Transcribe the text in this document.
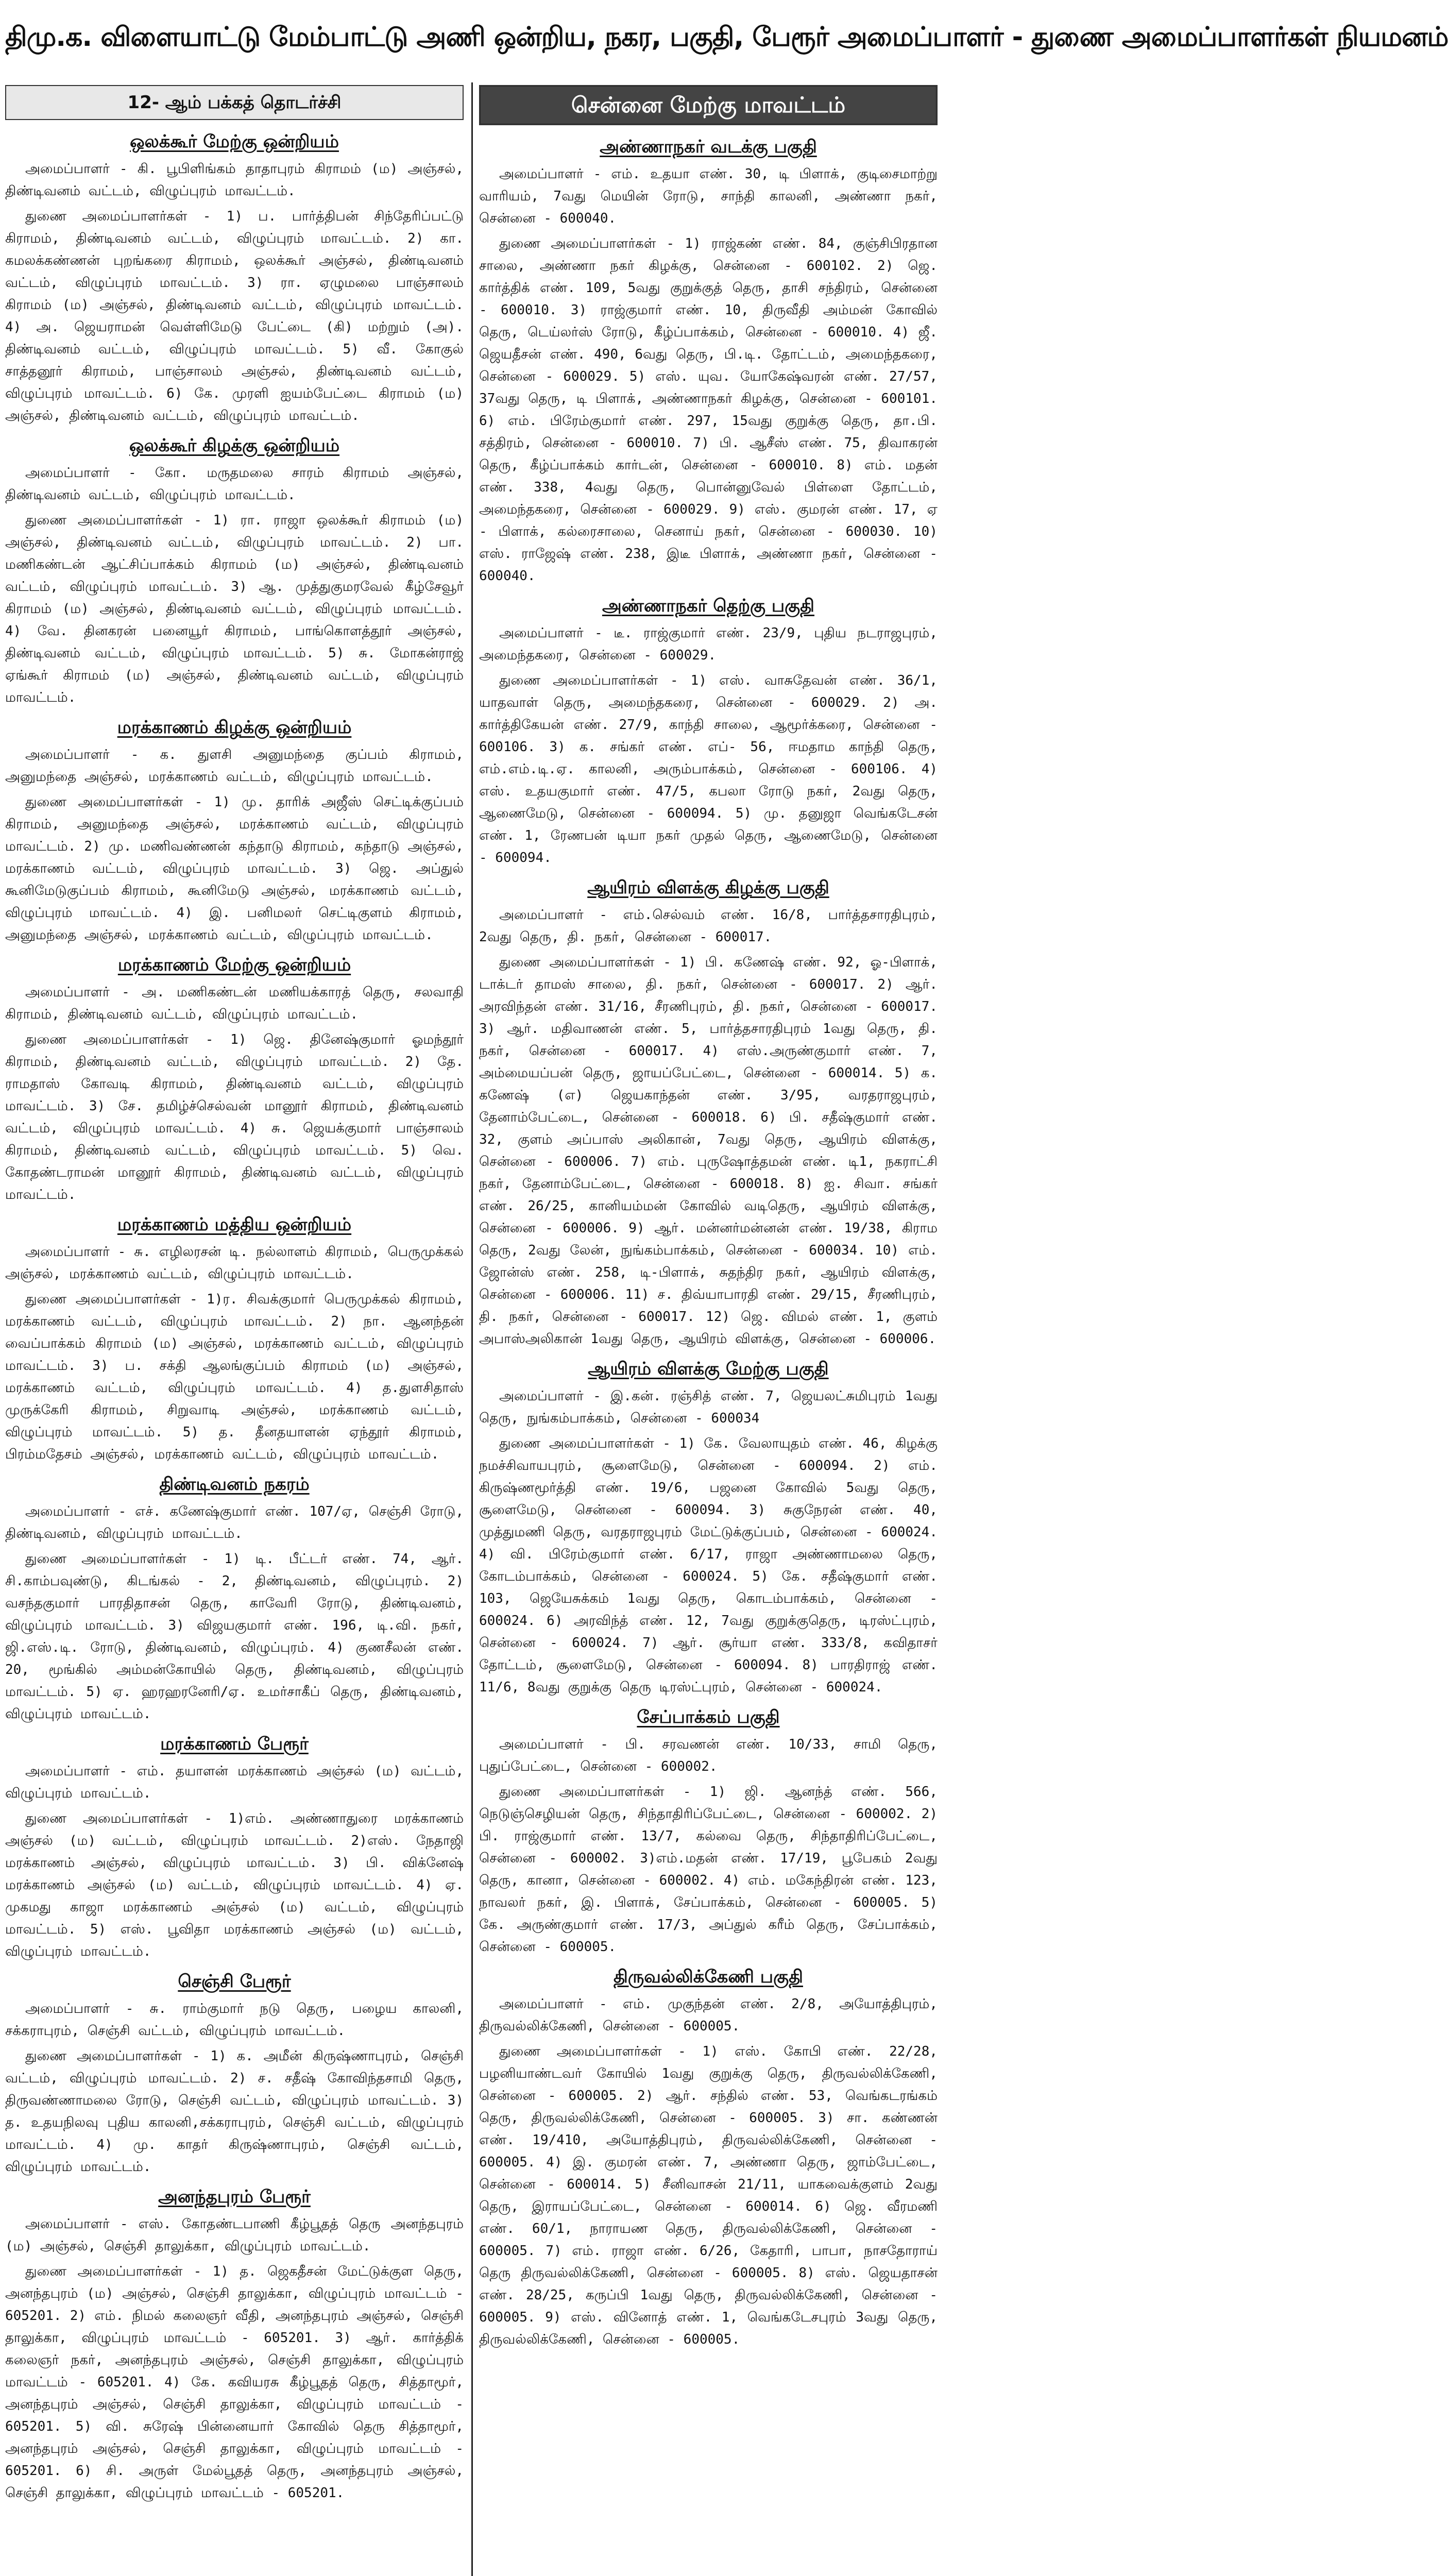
திமு.க. விளையாட்டு மேம்பாட்டு அணி ஒன்றிய, நகர, பகுதி, பேரூர் அமைப்பாளர் - துணை அமைப்பாளர்கள் நியமனம்
12- ஆம் பக்கத் தொடர்ச்சி
ஒலக்கூர் மேற்கு ஒன்றியம்

அமைப்பாளர் - கி. பூபிளிங்கம் தாதாபுரம் கிராமம் (ம) அஞ்சல், திண்டிவனம் வட்டம், விழுப்புரம் மாவட்டம்.

துணை அமைப்பாளர்கள் - 1) ப. பார்த்திபன் சிந்தேரிப்பட்டு கிராமம், திண்டிவனம் வட்டம், விழுப்புரம் மாவட்டம். 2) கா. கமலக்கண்ணன் புறங்கரை கிராமம், ஒலக்கூர் அஞ்சல், திண்டிவனம் வட்டம், விழுப்புரம் மாவட்டம். 3) ரா. ஏழுமலை பாஞ்சாலம் கிராமம் (ம) அஞ்சல், திண்டிவனம் வட்டம், விழுப்புரம் மாவட்டம். 4) அ. ஜெயராமன் வெள்ளிமேடு பேட்டை (கி) மற்றும் (அ). திண்டிவனம் வட்டம், விழுப்புரம் மாவட்டம். 5) வீ. கோகுல் சாத்தனூர் கிராமம், பாஞ்சாலம் அஞ்சல், திண்டிவனம் வட்டம், விழுப்புரம் மாவட்டம். 6) கே. முரளி ஐயம்பேட்டை கிராமம் (ம) அஞ்சல், திண்டிவனம் வட்டம், விழுப்புரம் மாவட்டம்.

ஒலக்கூர் கிழக்கு ஒன்றியம்

அமைப்பாளர் - கோ. மருதமலை சாரம் கிராமம் அஞ்சல், திண்டிவனம் வட்டம், விழுப்புரம் மாவட்டம்.

துணை அமைப்பாளர்கள் - 1) ரா. ராஜா ஒலக்கூர் கிராமம் (ம) அஞ்சல், திண்டிவனம் வட்டம், விழுப்புரம் மாவட்டம். 2) பா. மணிகண்டன் ஆட்சிப்பாக்கம் கிராமம் (ம) அஞ்சல், திண்டிவனம் வட்டம், விழுப்புரம் மாவட்டம். 3) ஆ. முத்துகுமரவேல் கீழ்சேவூர் கிராமம் (ம) அஞ்சல், திண்டிவனம் வட்டம், விழுப்புரம் மாவட்டம். 4) வே. தினகரன் பனையூர் கிராமம், பாங்கொளத்தூர் அஞ்சல், திண்டிவனம் வட்டம், விழுப்புரம் மாவட்டம். 5) சு. மோகன்ராஜ் ஏங்கூர் கிராமம் (ம) அஞ்சல், திண்டிவனம் வட்டம், விழுப்புரம் மாவட்டம்.

மரக்காணம் கிழக்கு ஒன்றியம்

அமைப்பாளர் - க. துளசி அனுமந்தை குப்பம் கிராமம், அனுமந்தை அஞ்சல், மரக்காணம் வட்டம், விழுப்புரம் மாவட்டம்.

துணை அமைப்பாளர்கள் - 1) மு. தாரிக் அஜீஸ் செட்டிக்குப்பம் கிராமம், அனுமந்தை அஞ்சல், மரக்காணம் வட்டம், விழுப்புரம் மாவட்டம். 2) மு. மணிவண்ணன் கந்தாடு கிராமம், கந்தாடு அஞ்சல், மரக்காணம் வட்டம், விழுப்புரம் மாவட்டம். 3) ஜெ. அப்துல் கூனிமேடுகுப்பம் கிராமம், கூனிமேடு அஞ்சல், மரக்காணம் வட்டம், விழுப்புரம் மாவட்டம். 4) இ. பனிமலர் செட்டிகுளம் கிராமம், அனுமந்தை அஞ்சல், மரக்காணம் வட்டம், விழுப்புரம் மாவட்டம்.

மரக்காணம் மேற்கு ஒன்றியம்

அமைப்பாளர் - அ. மணிகண்டன் மணியக்காரத் தெரு, சலவாதி கிராமம், திண்டிவனம் வட்டம், விழுப்புரம் மாவட்டம்.

துணை அமைப்பாளர்கள் - 1) ஜெ. தினேஷ்குமார் ஓமந்தூர் கிராமம், திண்டிவனம் வட்டம், விழுப்புரம் மாவட்டம். 2) தே. ராமதாஸ் கோவடி கிராமம், திண்டிவனம் வட்டம், விழுப்புரம் மாவட்டம். 3) சே. தமிழ்ச்செல்வன் மானூர் கிராமம், திண்டிவனம் வட்டம், விழுப்புரம் மாவட்டம். 4) சு. ஜெயக்குமார் பாஞ்சாலம் கிராமம், திண்டிவனம் வட்டம், விழுப்புரம் மாவட்டம். 5) வெ. கோதண்டராமன் மானூர் கிராமம், திண்டிவனம் வட்டம், விழுப்புரம் மாவட்டம்.

மரக்காணம் மத்திய ஒன்றியம்

அமைப்பாளர் - சு. எழிலரசன் டி. நல்லாளம் கிராமம், பெருமுக்கல் அஞ்சல், மரக்காணம் வட்டம், விழுப்புரம் மாவட்டம்.

துணை அமைப்பாளர்கள் - 1)ர. சிவக்குமார் பெருமுக்கல் கிராமம், மரக்காணம் வட்டம், விழுப்புரம் மாவட்டம். 2) நா. ஆனந்தன் வைப்பாக்கம் கிராமம் (ம) அஞ்சல், மரக்காணம் வட்டம், விழுப்புரம் மாவட்டம். 3) ப. சக்தி ஆலங்குப்பம் கிராமம் (ம) அஞ்சல், மரக்காணம் வட்டம், விழுப்புரம் மாவட்டம். 4) த.துளசிதாஸ் முருக்கேரி கிராமம், சிறுவாடி அஞ்சல், மரக்காணம் வட்டம், விழுப்புரம் மாவட்டம். 5) த. தீனதயாளன் ஏந்தூர் கிராமம், பிரம்மதேசம் அஞ்சல், மரக்காணம் வட்டம், விழுப்புரம் மாவட்டம்.

திண்டிவனம் நகரம்

அமைப்பாளர் - எச். கணேஷ்குமார் எண். 107/ஏ, செஞ்சி ரோடு, திண்டிவனம், விழுப்புரம் மாவட்டம்.

துணை அமைப்பாளர்கள் - 1) டி. பீட்டர் எண். 74, ஆர். சி.காம்பவுண்டு, கிடங்கல் - 2, திண்டிவனம், விழுப்புரம். 2) வசந்தகுமார் பாரதிதாசன் தெரு, காவேரி ரோடு, திண்டிவனம், விழுப்புரம் மாவட்டம். 3) விஜயகுமார் எண். 196, டி.வி. நகர், ஜி.எஸ்.டி. ரோடு, திண்டிவனம், விழுப்புரம். 4) குணசீலன் எண். 20, மூங்கில் அம்மன்கோயில் தெரு, திண்டிவனம், விழுப்புரம் மாவட்டம். 5) ஏ. ஹரஹரனேரி/ஏ. உமர்சாகீப் தெரு, திண்டிவனம், விழுப்புரம் மாவட்டம்.

மரக்காணம் பேரூர்

அமைப்பாளர் - எம். தயாளன் மரக்காணம் அஞ்சல் (ம) வட்டம், விழுப்புரம் மாவட்டம்.

துணை அமைப்பாளர்கள் - 1)எம். அண்ணாதுரை மரக்காணம் அஞ்சல் (ம) வட்டம், விழுப்புரம் மாவட்டம். 2)எஸ். நேதாஜி மரக்காணம் அஞ்சல், விழுப்புரம் மாவட்டம். 3) பி. விக்னேஷ் மரக்காணம் அஞ்சல் (ம) வட்டம், விழுப்புரம் மாவட்டம். 4) ஏ. முகமது காஜா மரக்காணம் அஞ்சல் (ம) வட்டம், விழுப்புரம் மாவட்டம். 5) எஸ். பூவிதா மரக்காணம் அஞ்சல் (ம) வட்டம், விழுப்புரம் மாவட்டம்.

செஞ்சி பேரூர்

அமைப்பாளர் - சு. ராம்குமார் நடு தெரு, பழைய காலனி, சக்கராபுரம், செஞ்சி வட்டம், விழுப்புரம் மாவட்டம்.

துணை அமைப்பாளர்கள் - 1) க. அமீன் கிருஷ்ணாபுரம், செஞ்சி வட்டம், விழுப்புரம் மாவட்டம். 2) ச. சதீஷ் கோவிந்தசாமி தெரு, திருவண்ணாமலை ரோடு, செஞ்சி வட்டம், விழுப்புரம் மாவட்டம். 3) த. உதயநிலவு புதிய காலனி,சக்கராபுரம், செஞ்சி வட்டம், விழுப்புரம் மாவட்டம். 4) மு. காதர் கிருஷ்ணாபுரம், செஞ்சி வட்டம், விழுப்புரம் மாவட்டம்.

அனந்தபுரம் பேரூர்

அமைப்பாளர் - எஸ். கோதண்டபாணி கீழ்பூதத் தெரு அனந்தபுரம் (ம) அஞ்சல், செஞ்சி தாலுக்கா, விழுப்புரம் மாவட்டம்.

துணை அமைப்பாளர்கள் - 1) த. ஜெகதீசன் மேட்டுக்குள தெரு, அனந்தபுரம் (ம) அஞ்சல், செஞ்சி தாலுக்கா, விழுப்புரம் மாவட்டம் - 605201. 2) எம். நிமல் கலைஞர் வீதி, அனந்தபுரம் அஞ்சல், செஞ்சி தாலுக்கா, விழுப்புரம் மாவட்டம் - 605201. 3) ஆர். கார்த்திக் கலைஞர் நகர், அனந்தபுரம் அஞ்சல், செஞ்சி தாலுக்கா, விழுப்புரம் மாவட்டம் - 605201. 4) கே. கவியரசு கீழ்பூதத் தெரு, சித்தாமூர், அனந்தபுரம் அஞ்சல், செஞ்சி தாலுக்கா, விழுப்புரம் மாவட்டம் - 605201. 5) வி. சுரேஷ் பின்னையார் கோவில் தெரு சித்தாமூர், அனந்தபுரம் அஞ்சல், செஞ்சி தாலுக்கா, விழுப்புரம் மாவட்டம் - 605201. 6) சி. அருள் மேல்பூதத் தெரு, அனந்தபுரம் அஞ்சல், செஞ்சி தாலுக்கா, விழுப்புரம் மாவட்டம் - 605201.

சென்னை மேற்கு மாவட்டம்
அண்ணாநகர் வடக்கு பகுதி

அமைப்பாளர் - எம். உதயா எண். 30, டி பிளாக், குடிசைமாற்று வாரியம், 7வது மெயின் ரோடு, சாந்தி காலனி, அண்ணா நகர், சென்னை - 600040.

துணை அமைப்பாளர்கள் - 1) ராஜ்கண் எண். 84, குஞ்சிபிரதான சாலை, அண்ணா நகர் கிழக்கு, சென்னை - 600102. 2) ஜெ. கார்த்திக் எண். 109, 5வது குறுக்குத் தெரு, தாசி சந்திரம், சென்னை - 600010. 3) ராஜ்குமார் எண். 10, திருவீதி அம்மன் கோவில் தெரு, டெய்லர்ஸ் ரோடு, கீழ்ப்பாக்கம், சென்னை - 600010. 4) ஜீ. ஜெயதீசன் எண். 490, 6வது தெரு, பி.டி. தோட்டம், அமைந்தகரை, சென்னை - 600029. 5) எஸ். யுவ. யோகேஷ்வரன் எண். 27/57, 37வது தெரு, டி பிளாக், அண்ணாநகர் கிழக்கு, சென்னை - 600101. 6) எம். பிரேம்குமார் எண். 297, 15வது குறுக்கு தெரு, தா.பி. சத்திரம், சென்னை - 600010. 7) பி. ஆசீஸ் எண். 75, திவாகரன் தெரு, கீழ்ப்பாக்கம் கார்டன், சென்னை - 600010. 8) எம். மதன் எண். 338, 4வது தெரு, பொன்னுவேல் பிள்ளை தோட்டம், அமைந்தகரை, சென்னை - 600029. 9) எஸ். குமரன் எண். 17, ஏ - பிளாக், கல்ரைசாலை, செனாய் நகர், சென்னை - 600030. 10) எஸ். ராஜேஷ் எண். 238, இடீ பிளாக், அண்ணா நகர், சென்னை - 600040.

அண்ணாநகர் தெற்கு பகுதி

அமைப்பாளர் - டீ. ராஜ்குமார் எண். 23/9, புதிய நடராஜபுரம், அமைந்தகரை, சென்னை - 600029.

துணை அமைப்பாளர்கள் - 1) எஸ். வாசுதேவன் எண். 36/1, யாதவாள் தெரு, அமைந்தகரை, சென்னை - 600029. 2) அ. கார்த்திகேயன் எண். 27/9, காந்தி சாலை, ஆமூர்க்கரை, சென்னை - 600106. 3) க. சங்கர் எண். எப்- 56, ஈமதாம காந்தி தெரு, எம்.எம்.டி.ஏ. காலனி, அரும்பாக்கம், சென்னை - 600106. 4) எஸ். உதயகுமார் எண். 47/5, கபலா ரோடு நகர், 2வது தெரு, ஆணைமேடு, சென்னை - 600094. 5) மு. தனுஜா வெங்கடேசன் எண். 1, ரேணபன் டியா நகர் முதல் தெரு, ஆணைமேடு, சென்னை - 600094.

ஆயிரம் விளக்கு கிழக்கு பகுதி

அமைப்பாளர் - எம்.செல்வம் எண். 16/8, பார்த்தசாரதிபுரம், 2வது தெரு, தி. நகர், சென்னை - 600017.

துணை அமைப்பாளர்கள் - 1) பி. கணேஷ் எண். 92, ஓ-பிளாக், டாக்டர் தாமஸ் சாலை, தி. நகர், சென்னை - 600017. 2) ஆர். அரவிந்தன் எண். 31/16, சீரணிபுரம், தி. நகர், சென்னை - 600017. 3) ஆர். மதிவாணன் எண். 5, பார்த்தசாரதிபுரம் 1வது தெரு, தி. நகர், சென்னை - 600017. 4) எஸ்.அருண்குமார் எண். 7, அம்மையப்பன் தெரு, ஜாயப்பேட்டை, சென்னை - 600014. 5) க. கணேஷ் (எ) ஜெயகாந்தன் எண். 3/95, வரதராஜபுரம், தேனாம்பேட்டை, சென்னை - 600018. 6) பி. சதீஷ்குமார் எண். 32, குளம் அப்பாஸ் அலிகான், 7வது தெரு, ஆயிரம் விளக்கு, சென்னை - 600006. 7) எம். புருஷோத்தமன் எண். டி1, நகராட்சி நகர், தேனாம்பேட்டை, சென்னை - 600018. 8) ஐ. சிவா. சங்கர் எண். 26/25, கானியம்மன் கோவில் வடிதெரு, ஆயிரம் விளக்கு, சென்னை - 600006. 9) ஆர். மன்னர்மன்னன் எண். 19/38, கிராம தெரு, 2வது லேன், நுங்கம்பாக்கம், சென்னை - 600034. 10) எம். ஜோன்ஸ் எண். 258, டி-பிளாக், சுதந்திர நகர், ஆயிரம் விளக்கு, சென்னை - 600006. 11) ச. திவ்யாபாரதி எண். 29/15, சீரணிபுரம், தி. நகர், சென்னை - 600017. 12) ஜெ. விமல் எண். 1, குளம் அபாஸ்அலிகான் 1வது தெரு, ஆயிரம் விளக்கு, சென்னை - 600006.

ஆயிரம் விளக்கு மேற்கு பகுதி

அமைப்பாளர் - இ.கன். ரஞ்சித் எண். 7, ஜெயலட்சுமிபுரம் 1வது தெரு, நுங்கம்பாக்கம், சென்னை - 600034

துணை அமைப்பாளர்கள் - 1) கே. வேலாயுதம் எண். 46, கிழக்கு நமச்சிவாயபுரம், சூளைமேடு, சென்னை - 600094. 2) எம். கிருஷ்ணமூர்த்தி எண். 19/6, பஜனை கோவில் 5வது தெரு, சூளைமேடு, சென்னை - 600094. 3) சுகுநேரன் எண். 40, முத்துமணி தெரு, வரதராஜபுரம் மேட்டுக்குப்பம், சென்னை - 600024. 4) வி. பிரேம்குமார் எண். 6/17, ராஜா அண்ணாமலை தெரு, கோடம்பாக்கம், சென்னை - 600024. 5) கே. சதீஷ்குமார் எண். 103, ஜெயேசுக்கம் 1வது தெரு, கொடம்பாக்கம், சென்னை - 600024. 6) அரவிந்த் எண். 12, 7வது குறுக்குதெரு, டிரஸ்ட்புரம், சென்னை - 600024. 7) ஆர். சூர்யா எண். 333/8, கவிதாசர் தோட்டம், சூளைமேடு, சென்னை - 600094. 8) பாரதிராஜ் எண். 11/6, 8வது குறுக்கு தெரு டிரஸ்ட்புரம், சென்னை - 600024.

சேப்பாக்கம் பகுதி

அமைப்பாளர் - பி. சரவணன் எண். 10/33, சாமி தெரு, புதுப்பேட்டை, சென்னை - 600002.

துணை அமைப்பாளர்கள் - 1) ஜி. ஆனந்த் எண். 566, நெடுஞ்செழியன் தெரு, சிந்தாதிரிப்பேட்டை, சென்னை - 600002. 2) பி. ராஜ்குமார் எண். 13/7, கல்வை தெரு, சிந்தாதிரிப்பேட்டை, சென்னை - 600002. 3)எம்.மதன் எண். 17/19, பூபேகம் 2வது தெரு, கானா, சென்னை - 600002. 4) எம். மகேந்திரன் எண். 123, நாவலர் நகர், இ. பிளாக், சேப்பாக்கம், சென்னை - 600005. 5) கே. அருண்குமார் எண். 17/3, அப்துல் கரீம் தெரு, சேப்பாக்கம், சென்னை - 600005.

திருவல்லிக்கேணி பகுதி

அமைப்பாளர் - எம். முகுந்தன் எண். 2/8, அயோத்திபுரம், திருவல்லிக்கேணி, சென்னை - 600005.

துணை அமைப்பாளர்கள் - 1) எஸ். கோபி எண். 22/28, பழனியாண்டவர் கோயில் 1வது குறுக்கு தெரு, திருவல்லிக்கேணி, சென்னை - 600005. 2) ஆர். சந்தில் எண். 53, வெங்கடரங்கம் தெரு, திருவல்லிக்கேணி, சென்னை - 600005. 3) சா. கண்ணன் எண். 19/410, அயோத்திபுரம், திருவல்லிக்கேணி, சென்னை - 600005. 4) இ. குமரன் எண். 7, அண்ணா தெரு, ஜாம்பேட்டை, சென்னை - 600014. 5) சீனிவாசன் 21/11, யாகவைக்குளம் 2வது தெரு, இராயப்பேட்டை, சென்னை - 600014. 6) ஜெ. வீரமணி எண். 60/1, நாராயண தெரு, திருவல்லிக்கேணி, சென்னை - 600005. 7) எம். ராஜா எண். 6/26, கேதாரி, பாபா, நாசதோராய் தெரு திருவல்லிக்கேணி, சென்னை - 600005. 8) எஸ். ஜெயதாசன் எண். 28/25, கருப்பி 1வது தெரு, திருவல்லிக்கேணி, சென்னை - 600005. 9) எஸ். வினோத் எண். 1, வெங்கடேசபுரம் 3வது தெரு, திருவல்லிக்கேணி, சென்னை - 600005.
